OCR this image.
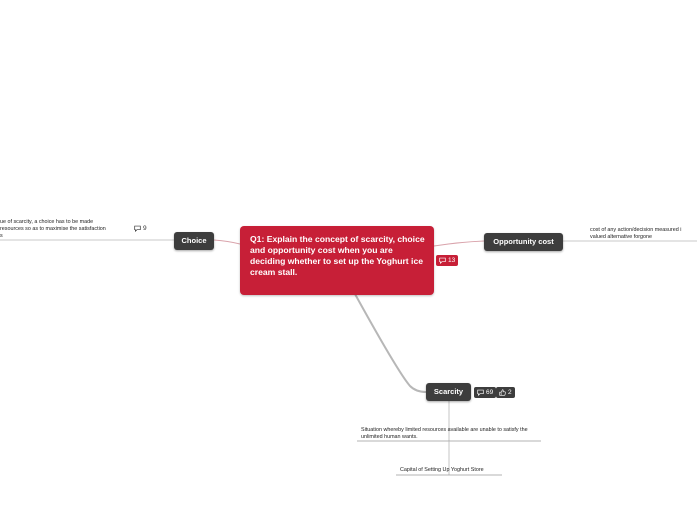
Q1: Explain the concept of scarcity, choice and opportunity cost when you are deciding whether to set up the Yoghurt ice cream stall.
13
Choice
9
ue of scarcity, a choice has to be made
resources so as to maximise the satisfaction
s
Opportunity cost
cost of any action/decision measured i
valued alternative forgone
Scarcity	69 2
Situation whereby limited resources available are unable to satisfy the unlimited human wants.
Capital of Setting Up Yoghurt Store
